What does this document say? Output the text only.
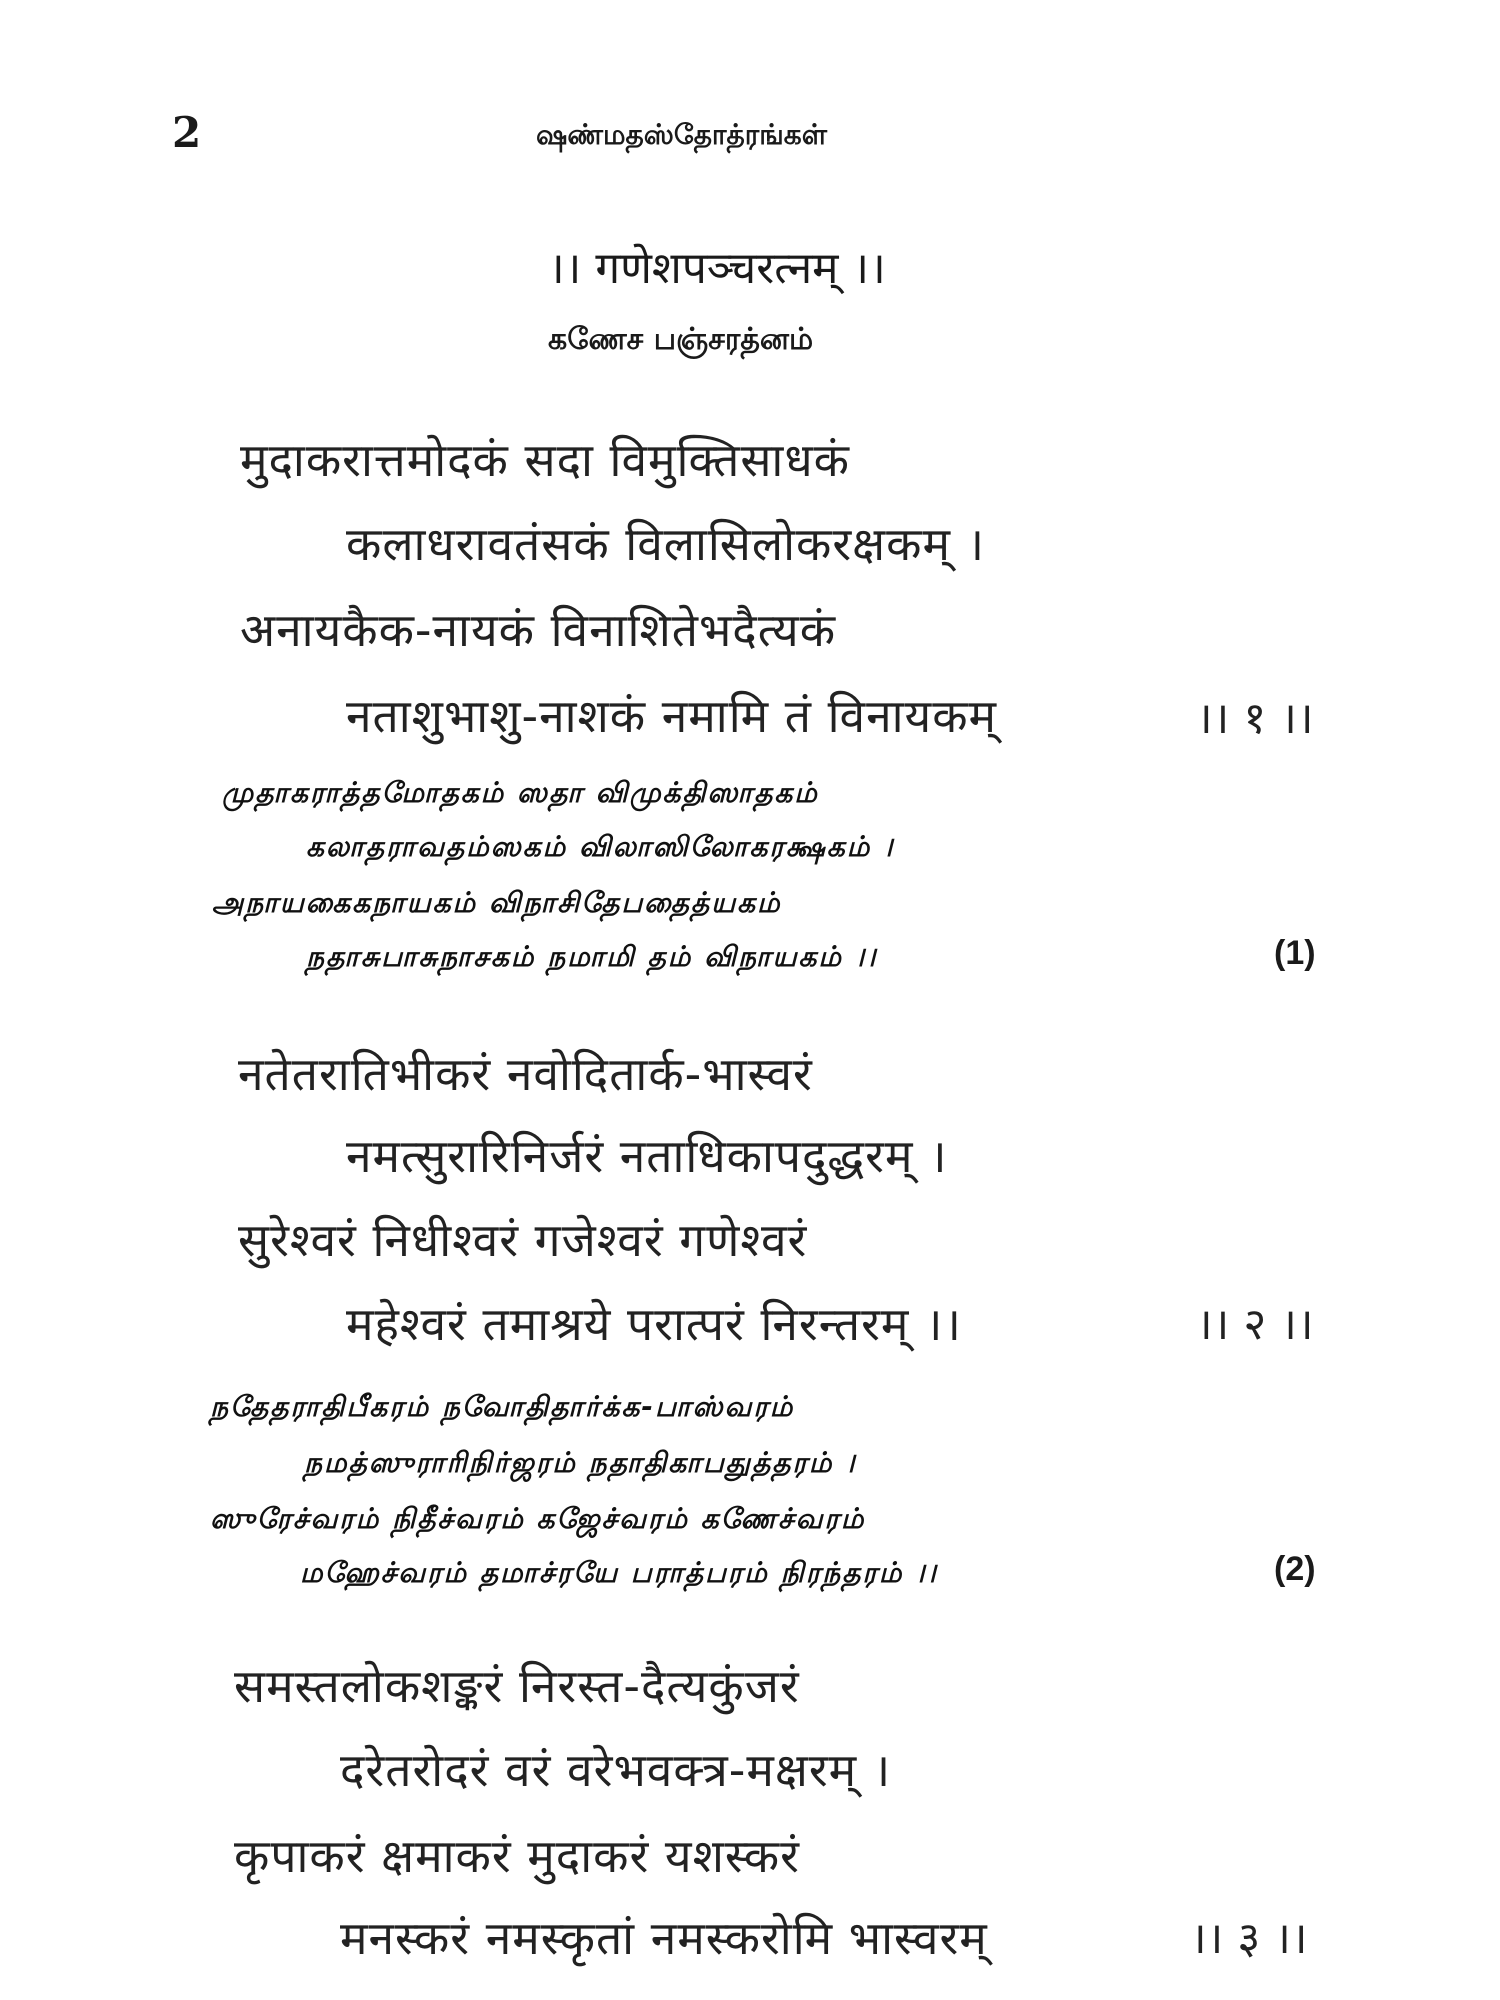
2	ஷண்மதஸ்தோத்ரங்கள்
।। गणेशपञ्चरत्नम् ।।
கணேச பஞ்சரத்னம்
मुदाकरात्तमोदकं सदा विमुक्तिसाधकं
कलाधरावतंसकं विलासिलोकरक्षकम् ।
अनायकैक-नायकं विनाशितेभदैत्यकं
नताशुभाशु-नाशकं नमामि तं विनायकम्	।। १ ।।
முதாகராத்தமோதகம் ஸதா விமுக்திஸாதகம்
கலாதராவதம்ஸகம் விலாஸிலோகரக்ஷகம் ।
அநாயகைகநாயகம் விநாசிதேபதைத்யகம்
நதாசுபாசுநாசகம் நமாமி தம் விநாயகம் ।।	(1)
नतेतरातिभीकरं नवोदितार्क-भास्वरं
नमत्सुरारिनिर्जरं नताधिकापदुद्धरम् ।
सुरेश्वरं निधीश्वरं गजेश्वरं गणेश्वरं
महेश्वरं तमाश्रये परात्परं निरन्तरम् ।।	।। २ ।।
நதேதராதிபீகரம் நவோதிதார்க்க-பாஸ்வரம்
நமத்ஸுராரிநிர்ஜரம் நதாதிகாபதுத்தரம் ।
ஸுரேச்வரம் நிதீச்வரம் கஜேச்வரம் கணேச்வரம்
மஹேச்வரம் தமாச்ரயே பராத்பரம் நிரந்தரம் ।।	(2)
समस्तलोकशङ्करं निरस्त-दैत्यकुंजरं
दरेतरोदरं वरं वरेभवक्त्र-मक्षरम् ।
कृपाकरं क्षमाकरं मुदाकरं यशस्करं
मनस्करं नमस्कृतां नमस्करोमि भास्वरम्	।। ३ ।।
